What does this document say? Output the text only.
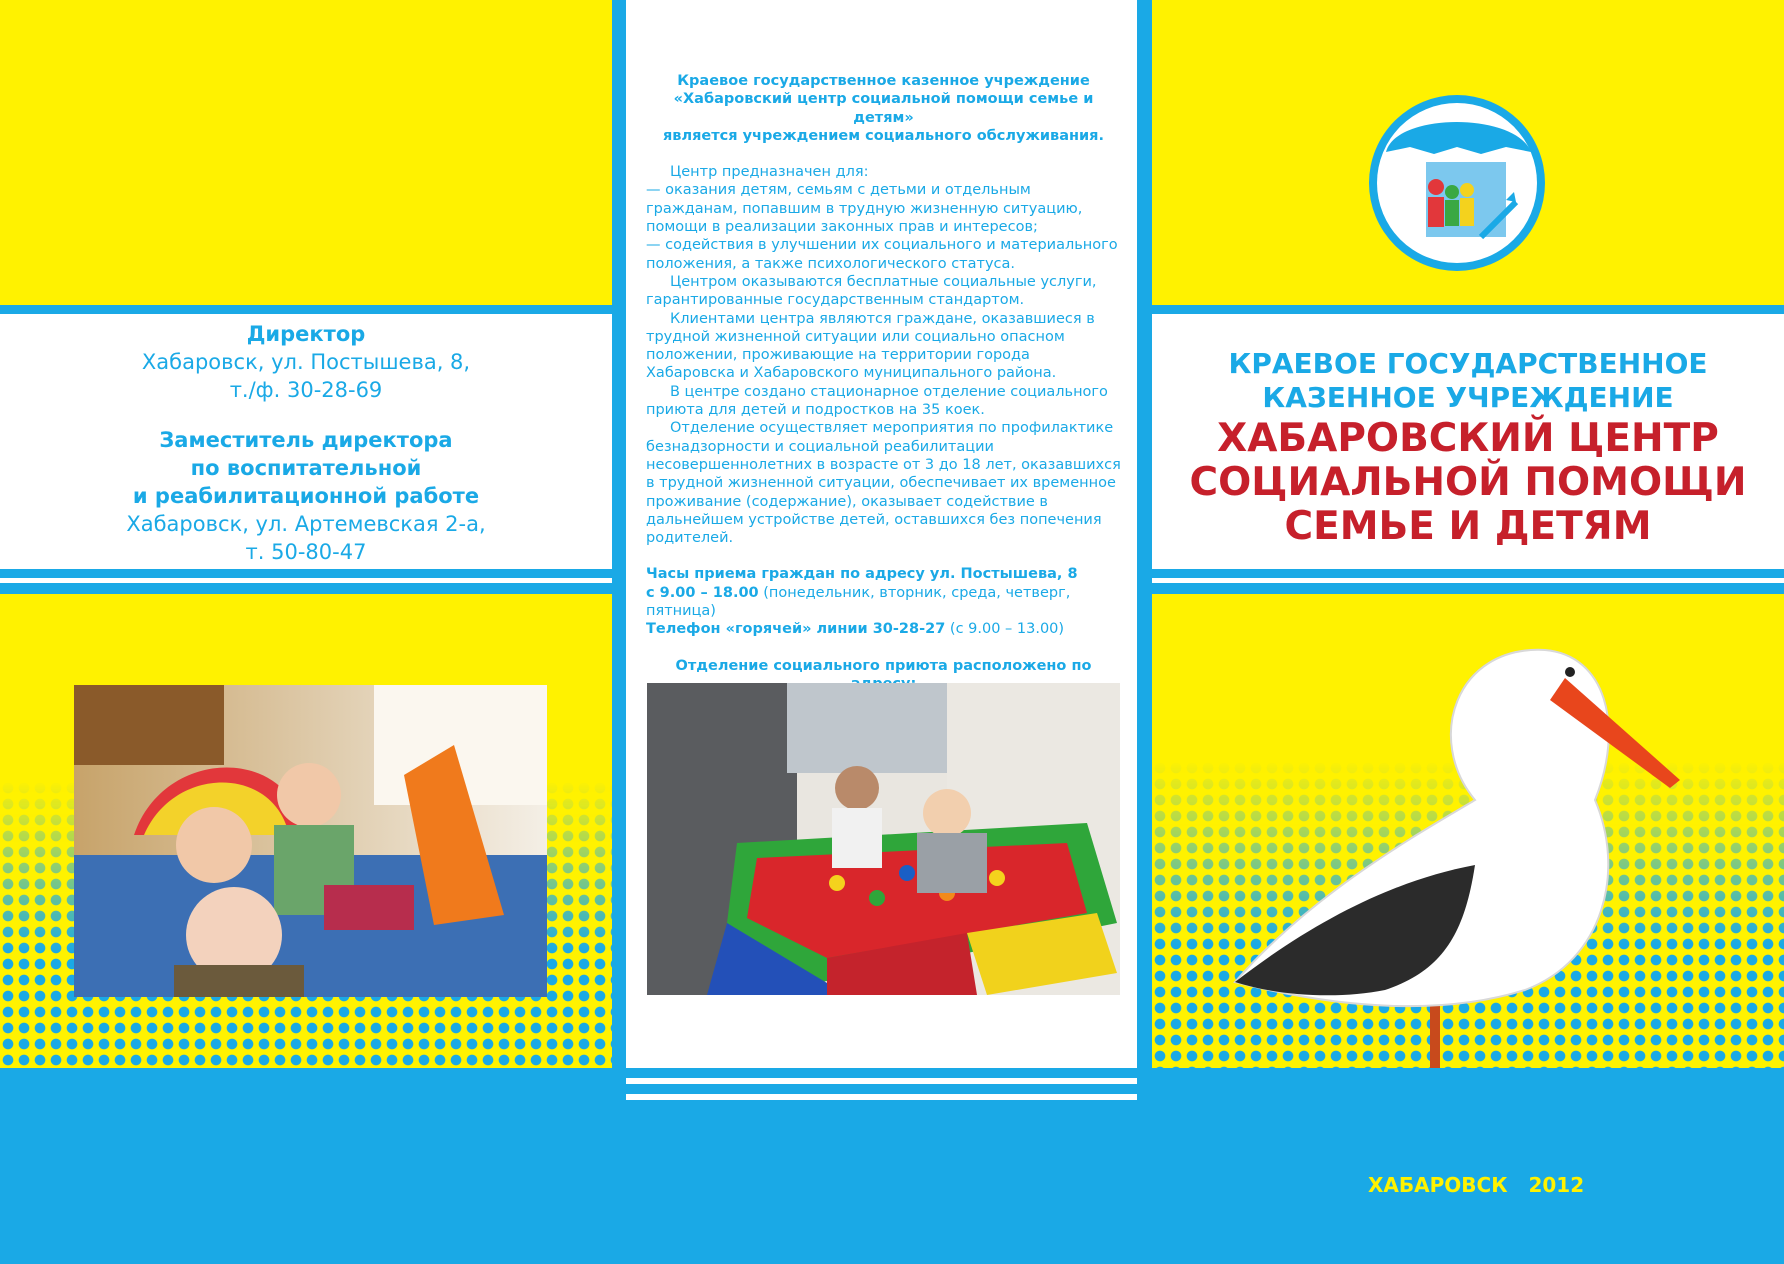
Директор
Хабаровск, ул. Постышева, 8,
т./ф. 30-28-69
Заместитель директора
по воспитательной
и реабилитационной работе
Хабаровск, ул. Артемевская 2-а,
т. 50-80-47

Краевое государственное казенное учреждение

«Хабаровский центр социальной помощи семье и детям»

является учреждением социального обслуживания.

Центр предназначен для:

— оказания детям, семьям с детьми и отдельным гражданам, попавшим в трудную жизненную ситуацию, помощи в реализации законных прав и интересов;

— содействия в улучшении их социального и материального положения, а также психологического статуса.

Центром оказываются бесплатные социальные услуги, гарантированные государственным стандартом.

Клиентами центра являются граждане, оказавшиеся в трудной жизненной ситуации или социально опасном положении, проживающие на территории города Хабаровска и Хабаровского муниципального района.

В центре создано стационарное отделение социального приюта для детей и подростков на 35 коек.

Отделение осуществляет мероприятия по профилактике безнадзорности и социальной реабилитации несовершеннолетних в возрасте от 3 до 18 лет, оказавшихся в трудной жизненной ситуации, обеспечивает их временное проживание (содержание), оказывает содействие в дальнейшем устройстве детей, оставшихся без попечения родителей.

Часы приема граждан по адресу ул. Постышева, 8

с 9.00 – 18.00 (понедельник, вторник, среда, четверг, пятница)

Телефон «горячей» линии 30-28-27 (с 9.00 – 13.00)

Отделение социального приюта расположено по

КРАЕВОЕ ГОСУДАРСТВЕННОЕ
КАЗЕННОЕ УЧРЕЖДЕНИЕ
ХАБАРОВСКИЙ ЦЕНТР
СОЦИАЛЬНОЙ ПОМОЩИ
СЕМЬЕ И ДЕТЯМ
ХАБАРОВСК   2012
